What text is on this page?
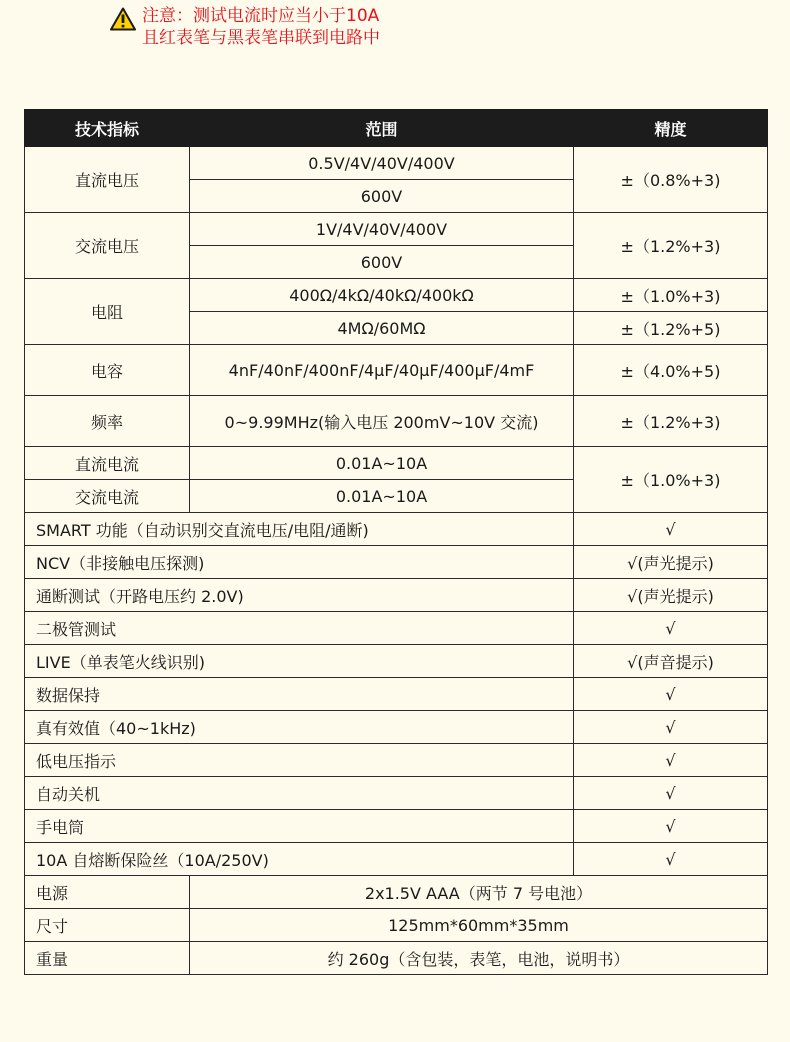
注意：测试电流时应当小于10A
且红表笔与黑表笔串联到电路中
技术指标	范围	精度
直流电压	0.5V/4V/40V/400V	±（0.8%+3)
	600V	
交流电压	1V/4V/40V/400V	±（1.2%+3)
	600V	
电阻	400Ω/4kΩ/40kΩ/400kΩ	±（1.0%+3)
	4MΩ/60MΩ	±（1.2%+5)
电容	4nF/40nF/400nF/4μF/40μF/400μF/4mF	±（4.0%+5)
频率	0~9.99MHz(输入电压 200mV~10V 交流)	±（1.2%+3)
直流电流	0.01A~10A	±（1.0%+3)
交流电流	0.01A~10A	
SMART 功能（自动识别交直流电压/电阻/通断)		√
NCV（非接触电压探测)		√(声光提示)
通断测试（开路电压约 2.0V)		√(声光提示)
二极管测试		√
LIVE（单表笔火线识别)		√(声音提示)
数据保持		√
真有效值（40~1kHz)		√
低电压指示		√
自动关机		√
手电筒		√
10A 自熔断保险丝（10A/250V)		√
电源	2x1.5V AAA（两节 7 号电池）	
尺寸	125mm*60mm*35mm	
重量	约 260g（含包装，表笔，电池，说明书）	
